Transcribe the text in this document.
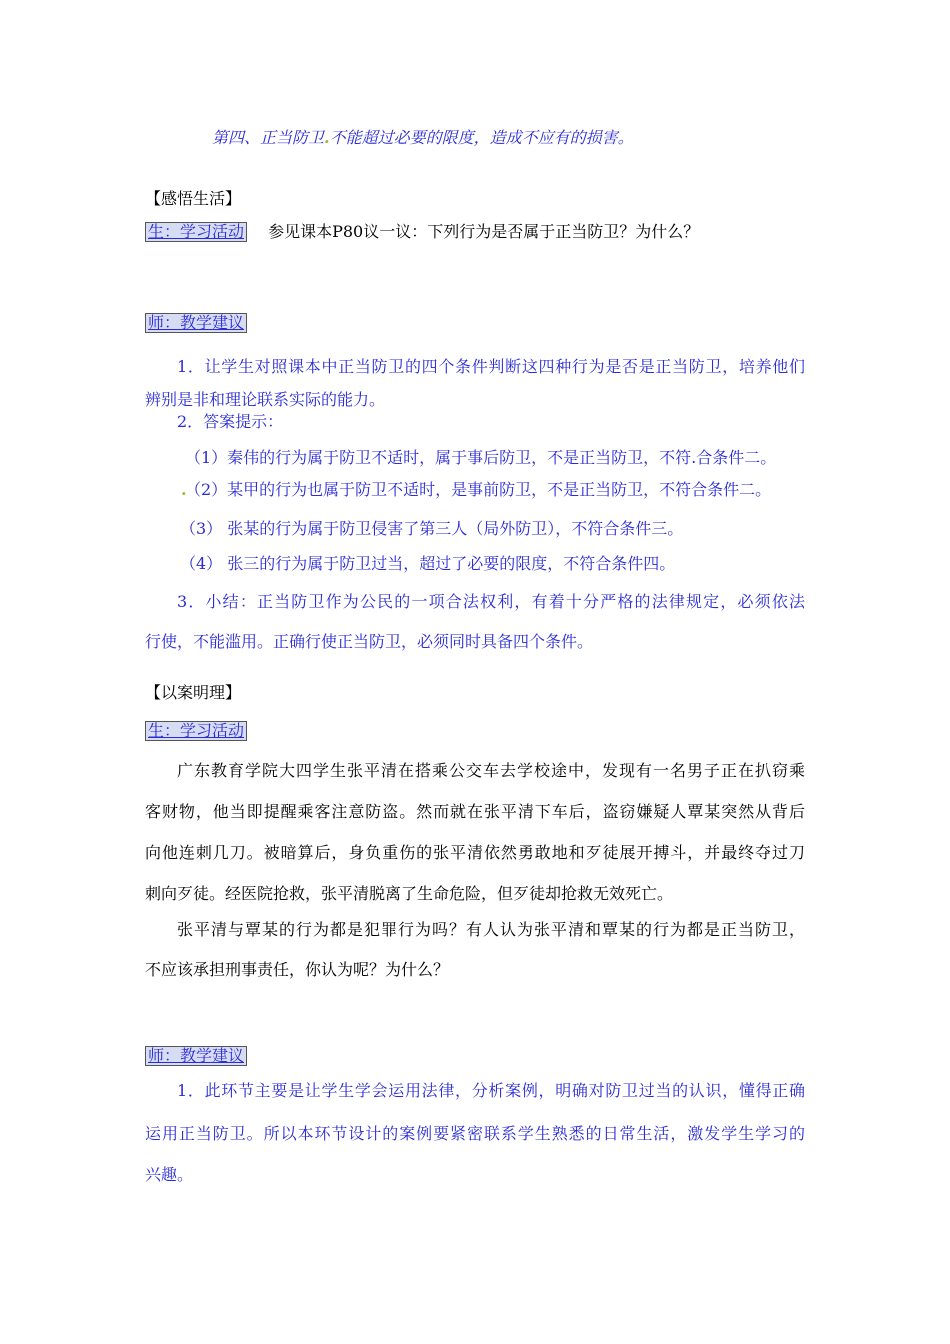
第四、正当防卫.不能超过必要的限度，造成不应有的损害。
【感悟生活】
生：学习活动 参见课本P80议一议：下列行为是否属于正当防卫？为什么？
师：教学建议
1．让学生对照课本中正当防卫的四个条件判断这四种行为是否是正当防卫，培养他们
辨别是非和理论联系实际的能力。
2．答案提示：
（1）秦伟的行为属于防卫不适时，属于事后防卫，不是正当防卫，不符.合条件二。
.
（2）某甲的行为也属于防卫不适时，是事前防卫，不是正当防卫，不符合条件二。
（3） 张某的行为属于防卫侵害了第三人（局外防卫），不符合条件三。
（4） 张三的行为属于防卫过当，超过了必要的限度，不符合条件四。
3．小结：正当防卫作为公民的一项合法权利，有着十分严格的法律规定，必须依法
行使，不能滥用。正确行使正当防卫，必须同时具备四个条件。
【以案明理】
生：学习活动
广东教育学院大四学生张平清在搭乘公交车去学校途中，发现有一名男子正在扒窃乘
客财物，他当即提醒乘客注意防盗。然而就在张平清下车后，盗窃嫌疑人覃某突然从背后
向他连刺几刀。被暗算后，身负重伤的张平清依然勇敢地和歹徒展开搏斗，并最终夺过刀
刺向歹徒。经医院抢救，张平清脱离了生命危险，但歹徒却抢救无效死亡。
张平清与覃某的行为都是犯罪行为吗？有人认为张平清和覃某的行为都是正当防卫，
不应该承担刑事责任，你认为呢？为什么？
师：教学建议
1．此环节主要是让学生学会运用法律，分析案例，明确对防卫过当的认识，懂得正确
运用正当防卫。所以本环节设计的案例要紧密联系学生熟悉的日常生活，激发学生学习的
兴趣。
